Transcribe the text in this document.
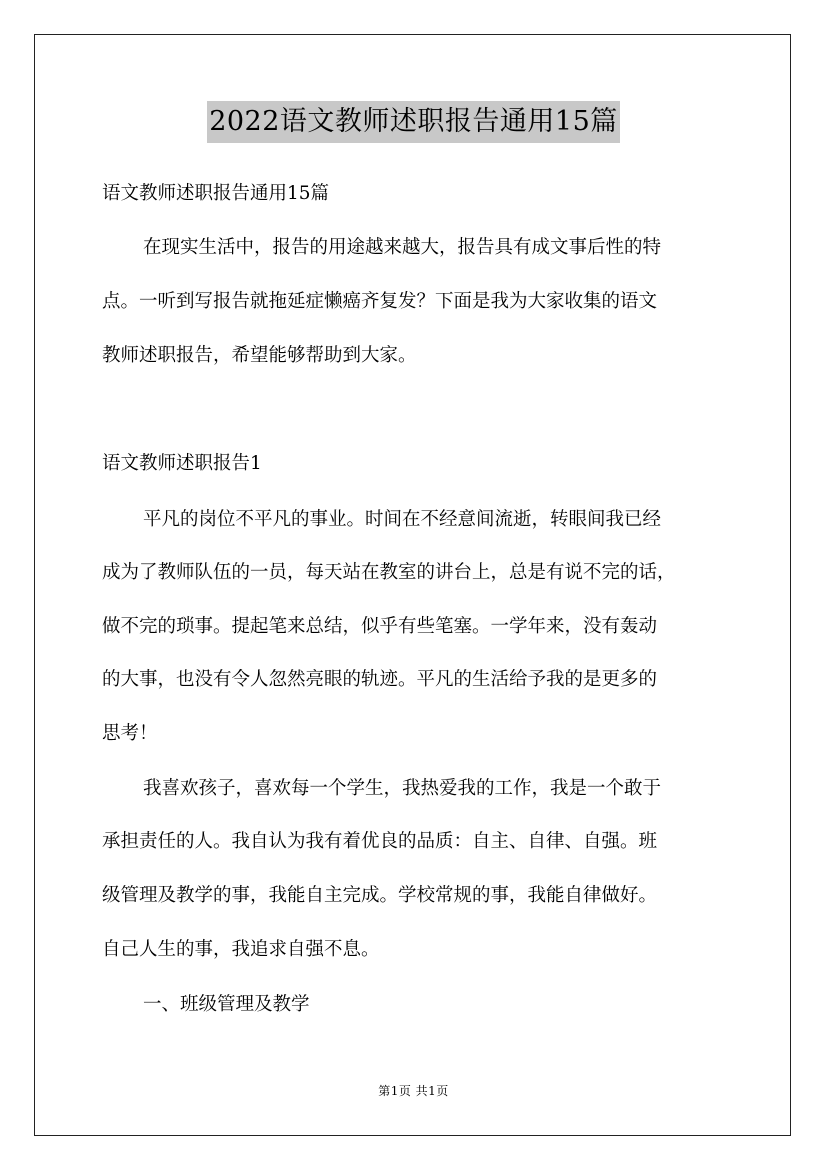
2022语文教师述职报告通用15篇
语文教师述职报告通用15篇
在现实生活中，报告的用途越来越大，报告具有成文事后性的特
点。一听到写报告就拖延症懒癌齐复发？下面是我为大家收集的语文
教师述职报告，希望能够帮助到大家。
语文教师述职报告1
平凡的岗位不平凡的事业。时间在不经意间流逝，转眼间我已经
成为了教师队伍的一员，每天站在教室的讲台上，总是有说不完的话，
做不完的琐事。提起笔来总结，似乎有些笔塞。一学年来，没有轰动
的大事，也没有令人忽然亮眼的轨迹。平凡的生活给予我的是更多的
思考！
我喜欢孩子，喜欢每一个学生，我热爱我的工作，我是一个敢于
承担责任的人。我自认为我有着优良的品质：自主、自律、自强。班
级管理及教学的事，我能自主完成。学校常规的事，我能自律做好。
自己人生的事，我追求自强不息。
一、班级管理及教学
第1页 共1页
